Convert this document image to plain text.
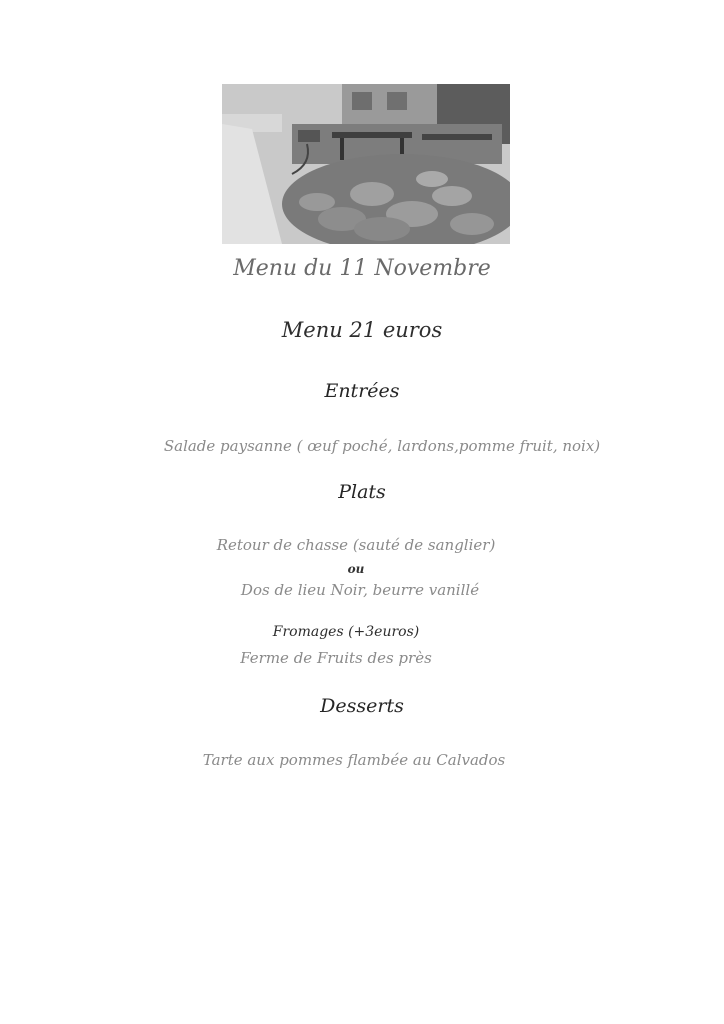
Menu du 11 Novembre
Menu 21 euros
Entrées
Salade paysanne ( œuf poché, lardons,pomme fruit, noix)
Plats
Retour de chasse (sauté de sanglier)
ou
Dos de lieu Noir, beurre vanillé
Fromages (+3euros)
Ferme de Fruits des près
Desserts
Tarte aux pommes flambée au Calvados
